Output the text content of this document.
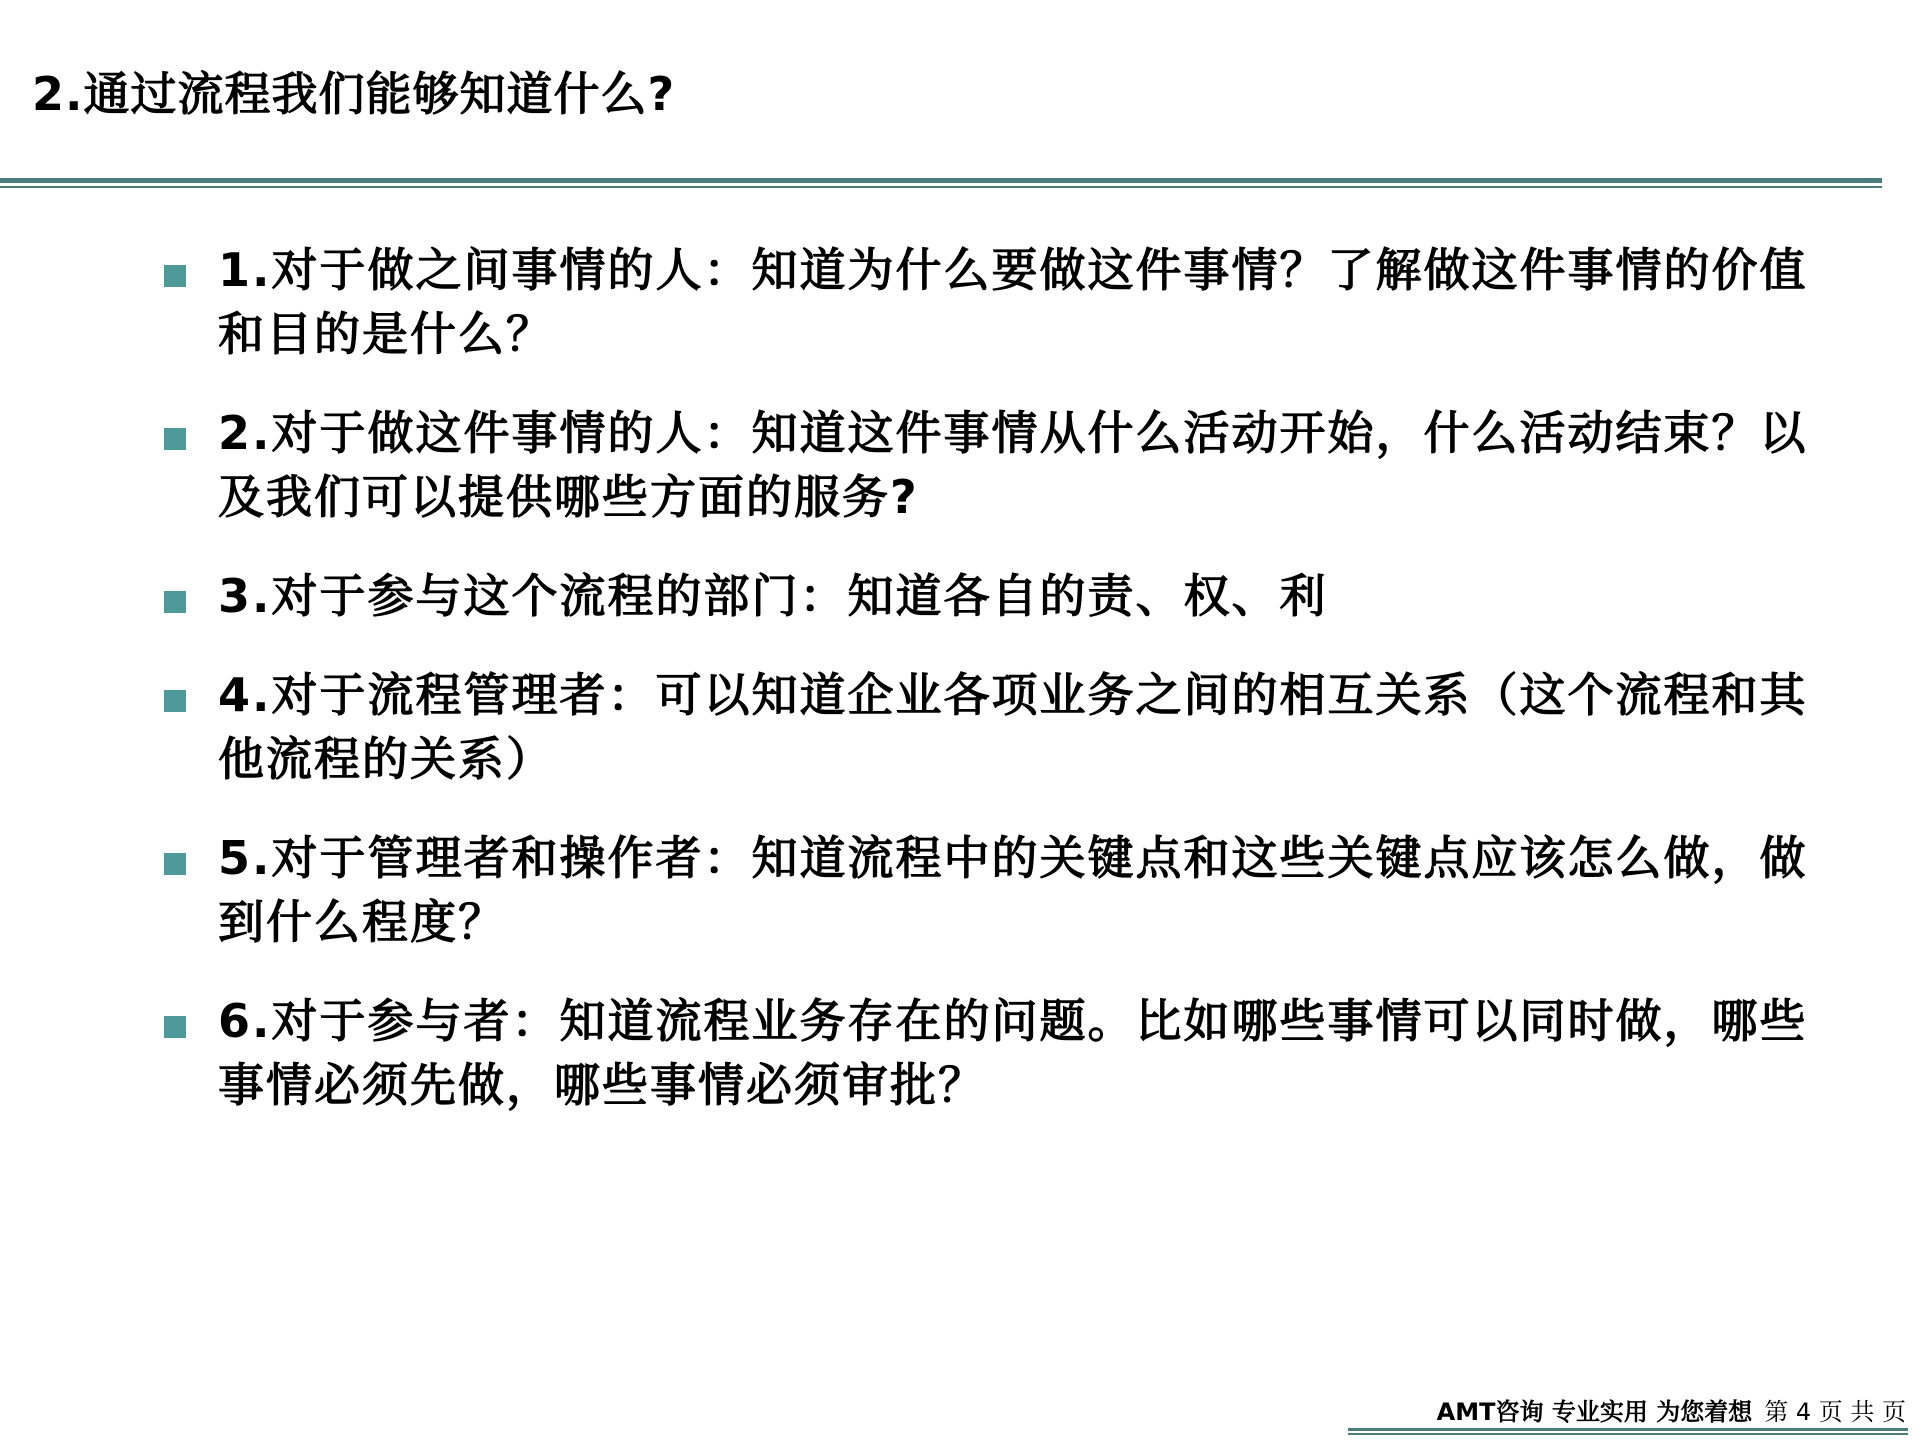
2.通过流程我们能够知道什么?
1.对于做之间事情的人：知道为什么要做这件事情？了解做这件事情的价值和目的是什么？
2.对于做这件事情的人：知道这件事情从什么活动开始，什么活动结束？以及我们可以提供哪些方面的服务?
3.对于参与这个流程的部门：知道各自的责、权、利
4.对于流程管理者：可以知道企业各项业务之间的相互关系（这个流程和其他流程的关系）
5.对于管理者和操作者：知道流程中的关键点和这些关键点应该怎么做，做到什么程度？
6.对于参与者：知道流程业务存在的问题。比如哪些事情可以同时做，哪些事情必须先做，哪些事情必须审批？
AMT咨询 专业实用 为您着想 第 4 页 共 页
